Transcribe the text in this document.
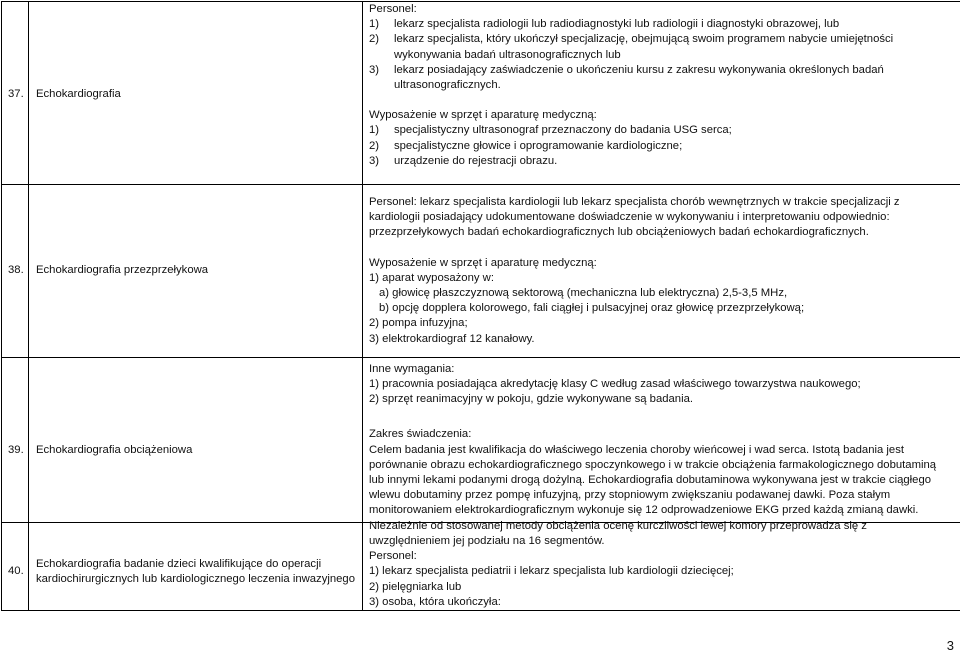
37. Echokardiografia
38. Echokardiografia przezprzełykowa
39. Echokardiografia obciążeniowa
40.
Echokardiografia badanie dzieci kwalifikujące do operacji
kardiochirurgicznych lub kardiologicznego leczenia inwazyjnego
Personel:
1) lekarz specjalista radiologii lub radiodiagnostyki lub radiologii i diagnostyki obrazowej, lub
2) lekarz specjalista, który ukończył specjalizację, obejmującą swoim programem nabycie umiejętności
wykonywania badań ultrasonograficznych lub
3) lekarz posiadający zaświadczenie o ukończeniu kursu z zakresu wykonywania określonych badań
ultrasonograficznych.
Wyposażenie w sprzęt i aparaturę medyczną:
1) specjalistyczny ultrasonograf przeznaczony do badania USG serca;
2) specjalistyczne głowice i oprogramowanie kardiologiczne;
3) urządzenie do rejestracji obrazu.
Personel: lekarz specjalista kardiologii lub lekarz specjalista chorób wewnętrznych w trakcie specjalizacji z
kardiologii posiadający udokumentowane doświadczenie w wykonywaniu i interpretowaniu odpowiednio:
przezprzełykowych badań echokardiograficznych lub obciążeniowych badań echokardiograficznych.
Wyposażenie w sprzęt i aparaturę medyczną:
1) aparat wyposażony w:
a) głowicę płaszczyznową sektorową (mechaniczna lub elektryczna) 2,5-3,5 MHz,
b) opcję dopplera kolorowego, fali ciągłej i pulsacyjnej oraz głowicę przezprzełykową;
2) pompa infuzyjna;
3) elektrokardiograf 12 kanałowy.
Inne wymagania:
1) pracownia posiadająca akredytację klasy C według zasad właściwego towarzystwa naukowego;
2) sprzęt reanimacyjny w pokoju, gdzie wykonywane są badania.
Zakres świadczenia:
Celem badania jest kwalifikacja do właściwego leczenia choroby wieńcowej i wad serca. Istotą badania jest
porównanie obrazu echokardiograficznego spoczynkowego i w trakcie obciążenia farmakologicznego dobutaminą
lub innymi lekami podanymi drogą dożylną. Echokardiografia dobutaminowa wykonywana jest w trakcie ciągłego
wlewu dobutaminy przez pompę infuzyjną, przy stopniowym zwiększaniu podawanej dawki. Poza stałym
monitorowaniem elektrokardiograficznym wykonuje się 12 odprowadzeniowe EKG przed każdą zmianą dawki.
Niezależnie od stosowanej metody obciążenia ocenę kurczliwości lewej komory przeprowadza się z
uwzględnieniem jej podziału na 16 segmentów.
Personel:
1) lekarz specjalista pediatrii i lekarz specjalista lub kardiologii dziecięcej;
2) pielęgniarka lub
3) osoba, która ukończyła:
3
